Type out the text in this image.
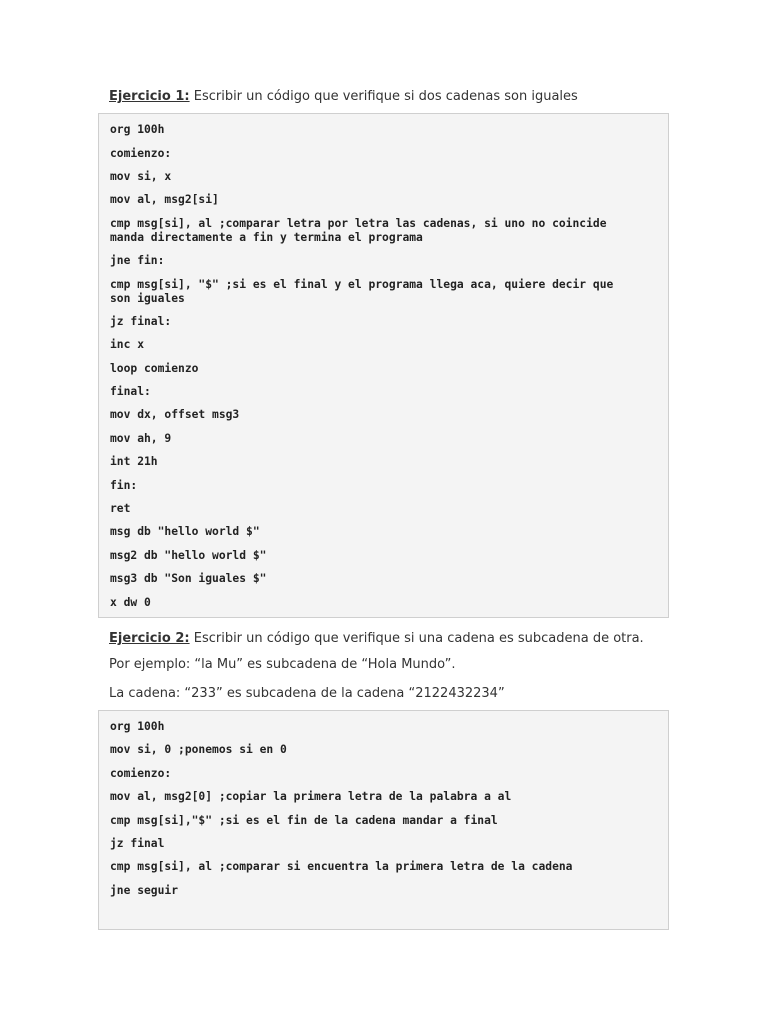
Ejercicio 1: Escribir un código que verifique si dos cadenas son iguales
org 100h
comienzo:
mov si, x
mov al, msg2[si]
cmp msg[si], al ;comparar letra por letra las cadenas, si uno no coincide
manda directamente a fin y termina el programa
jne fin:
cmp msg[si], "$" ;si es el final y el programa llega aca, quiere decir que
son iguales
jz final:
inc x
loop comienzo
final:
mov dx, offset msg3
mov ah, 9
int 21h
fin:
ret
msg db "hello world $"
msg2 db "hello world $"
msg3 db "Son iguales $"
x dw 0
Ejercicio 2: Escribir un código que verifique si una cadena es subcadena de otra.
Por ejemplo: “la Mu” es subcadena de “Hola Mundo”.
La cadena: “233” es subcadena de la cadena “2122432234”
org 100h
mov si, 0 ;ponemos si en 0
comienzo:
mov al, msg2[0] ;copiar la primera letra de la palabra a al
cmp msg[si],"$" ;si es el fin de la cadena mandar a final
jz final
cmp msg[si], al ;comparar si encuentra la primera letra de la cadena
jne seguir
